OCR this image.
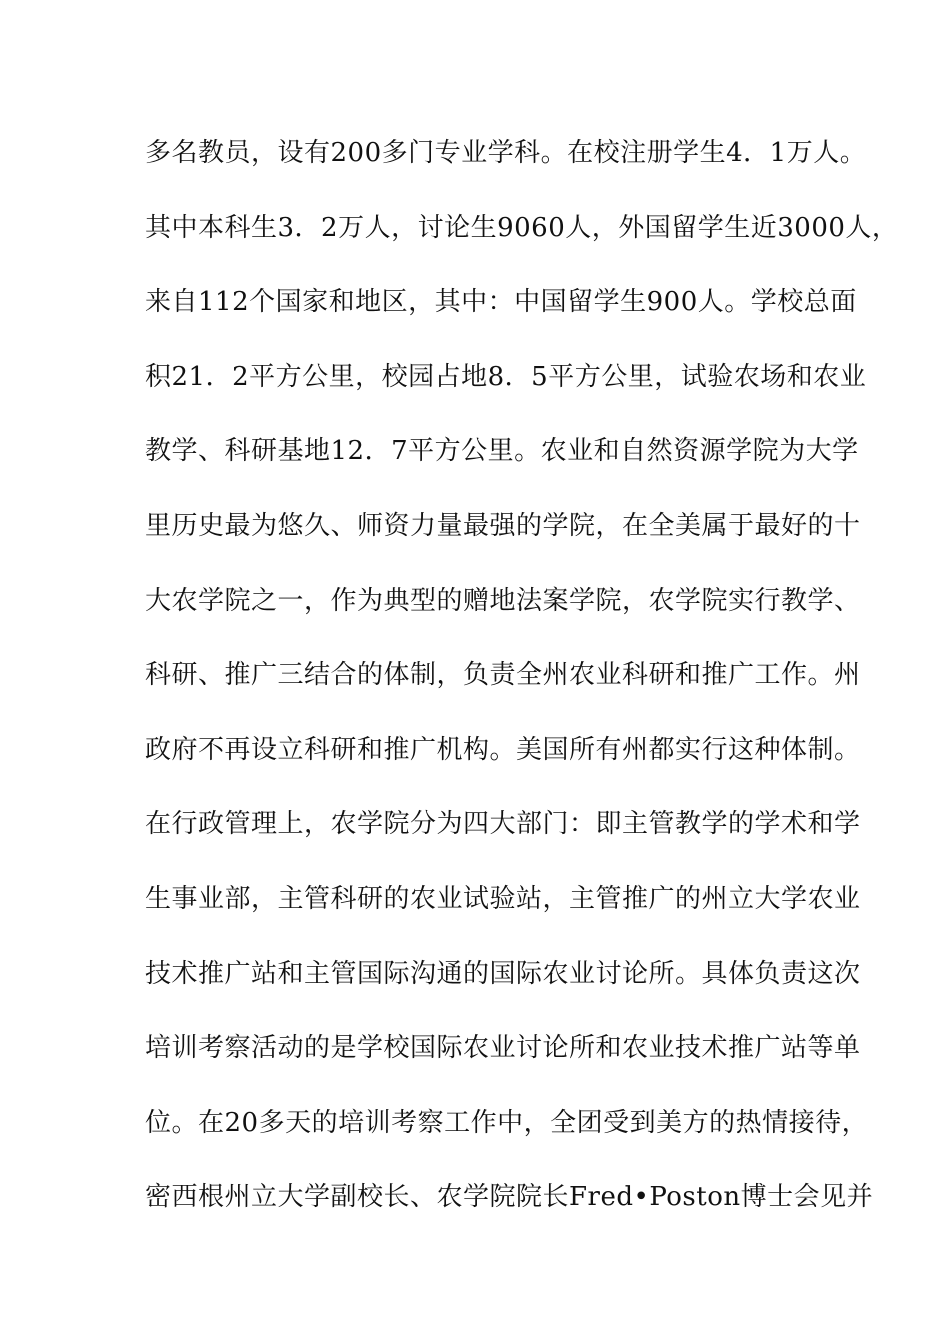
多名教员，设有200多门专业学科。在校注册学生4．1万人。
其中本科生3．2万人，讨论生9060人，外国留学生近3000人，
来自112个国家和地区，其中：中国留学生900人。学校总面
积21．2平方公里，校园占地8．5平方公里，试验农场和农业
教学、科研基地12．7平方公里。农业和自然资源学院为大学
里历史最为悠久、师资力量最强的学院，在全美属于最好的十
大农学院之一，作为典型的赠地法案学院，农学院实行教学、
科研、推广三结合的体制，负责全州农业科研和推广工作。州
政府不再设立科研和推广机构。美国所有州都实行这种体制。
在行政管理上，农学院分为四大部门：即主管教学的学术和学
生事业部，主管科研的农业试验站，主管推广的州立大学农业
技术推广站和主管国际沟通的国际农业讨论所。具体负责这次
培训考察活动的是学校国际农业讨论所和农业技术推广站等单
位。在20多天的培训考察工作中，全团受到美方的热情接待，
密西根州立大学副校长、农学院院长Fred•Poston博士会见并
